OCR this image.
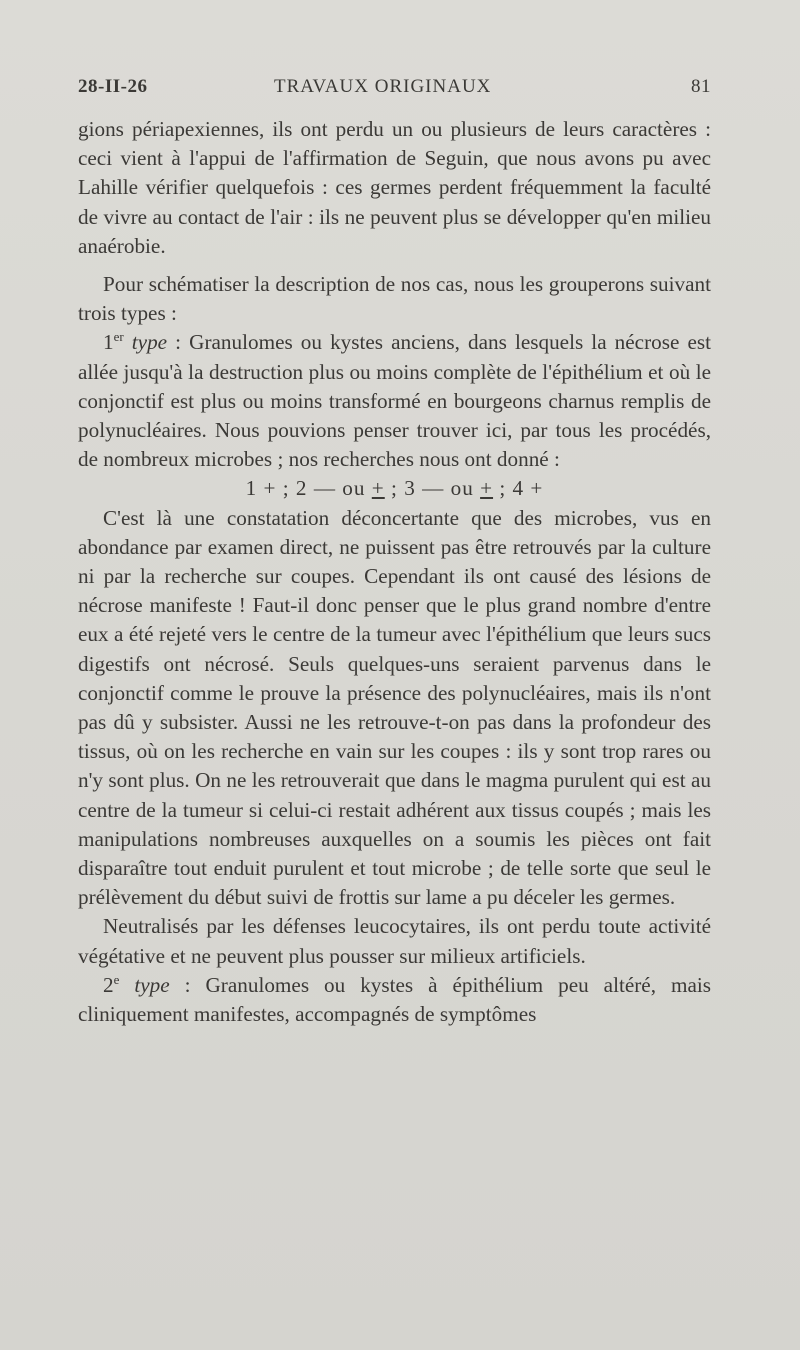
28-II-26	TRAVAUX ORIGINAUX	81

gions périapexiennes, ils ont perdu un ou plusieurs de leurs caractères : ceci vient à l'appui de l'affirmation de Seguin, que nous avons pu avec Lahille vérifier quelquefois : ces germes perdent fréquemment la faculté de vivre au contact de l'air : ils ne peuvent plus se développer qu'en milieu anaérobie.

Pour schématiser la description de nos cas, nous les grouperons suivant trois types :

1er type : Granulomes ou kystes anciens, dans lesquels la nécrose est allée jusqu'à la destruction plus ou moins complète de l'épithélium et où le conjonctif est plus ou moins transformé en bourgeons charnus remplis de polynucléaires. Nous pouvions penser trouver ici, par tous les procédés, de nombreux microbes ; nos recherches nous ont donné :

1 + ; 2 — ou + ; 3 — ou + ; 4 +

C'est là une constatation déconcertante que des microbes, vus en abondance par examen direct, ne puissent pas être retrouvés par la culture ni par la recherche sur coupes. Cependant ils ont causé des lésions de nécrose manifeste ! Faut-il donc penser que le plus grand nombre d'entre eux a été rejeté vers le centre de la tumeur avec l'épithélium que leurs sucs digestifs ont nécrosé. Seuls quelques-uns seraient parvenus dans le conjonctif comme le prouve la présence des polynucléaires, mais ils n'ont pas dû y subsister. Aussi ne les retrouve-t-on pas dans la profondeur des tissus, où on les recherche en vain sur les coupes : ils y sont trop rares ou n'y sont plus. On ne les retrouverait que dans le magma purulent qui est au centre de la tumeur si celui-ci restait adhérent aux tissus coupés ; mais les manipulations nombreuses auxquelles on a soumis les pièces ont fait disparaître tout enduit purulent et tout microbe ; de telle sorte que seul le prélèvement du début suivi de frottis sur lame a pu déceler les germes.

Neutralisés par les défenses leucocytaires, ils ont perdu toute activité végétative et ne peuvent plus pousser sur milieux artificiels.

2e type : Granulomes ou kystes à épithélium peu altéré, mais cliniquement manifestes, accompagnés de symptômes
